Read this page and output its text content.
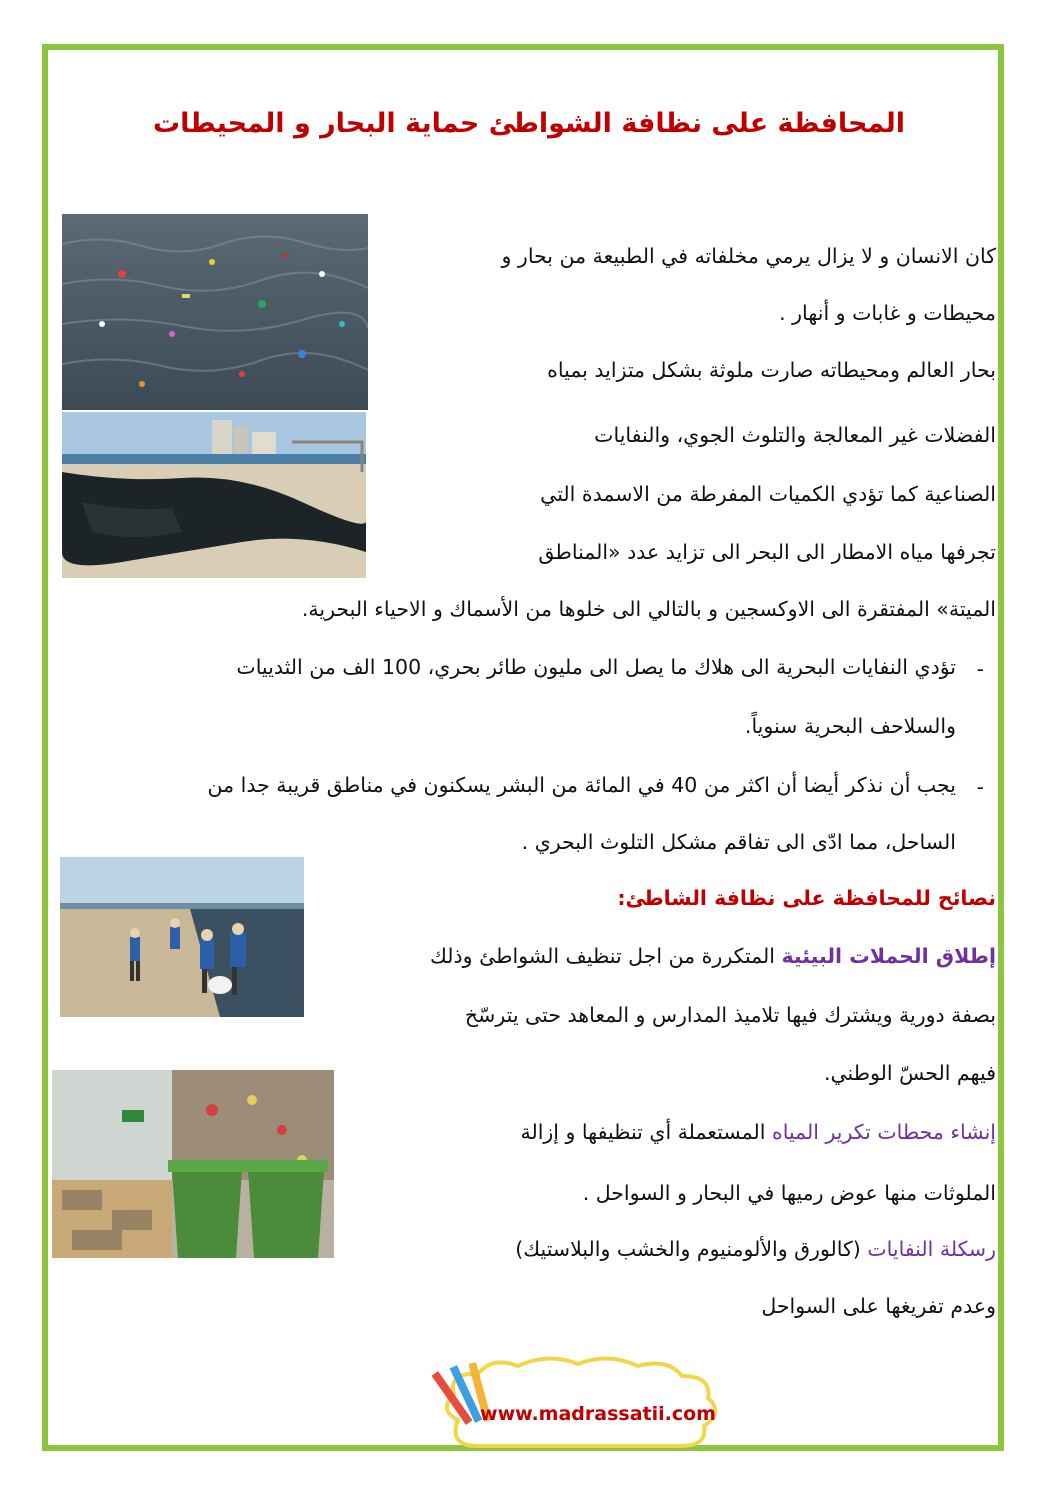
المحافظة على نظافة الشواطئ حماية البحار و المحيطات
كان الانسان و لا يزال يرمي مخلفاته في الطبيعة من بحار و
محيطات و غابات و أنهار .
بحار العالم ومحيطاته صارت ملوثة بشكل متزايد بمياه
الفضلات غير المعالجة والتلوث الجوي، والنفايات
الصناعية كما تؤدي الكميات المفرطة من الاسمدة التي
تجرفها مياه الامطار الى البحر الى تزايد عدد «المناطق
الميتة» المفتقرة الى الاوكسجين و بالتالي الى خلوها من الأسماك و الاحياء البحرية.
-
تؤدي النفايات البحرية الى هلاك ما يصل الى مليون طائر بحري، 100 الف من الثدييات
والسلاحف البحرية سنوياً.
-
يجب أن نذكر أيضا أن اكثر من 40 في المائة من البشر يسكنون في مناطق قريبة جدا من
الساحل، مما ادّى الى تفاقم مشكل التلوث البحري .
نصائح للمحافظة على نظافة الشاطئ:
إطلاق الحملات البيئية المتكررة من اجل تنظيف الشواطئ وذلك
بصفة دورية ويشترك فيها تلاميذ المدارس و المعاهد حتى يترسّخ
فيهم الحسّ الوطني.
إنشاء محطات تكرير المياه المستعملة أي تنظيفها و إزالة
الملوثات منها عوض رميها في البحار و السواحل .
رسكلة النفايات (كالورق والألومنيوم والخشب والبلاستيك)
وعدم تفريغها على السواحل
www.madrassatii.com
